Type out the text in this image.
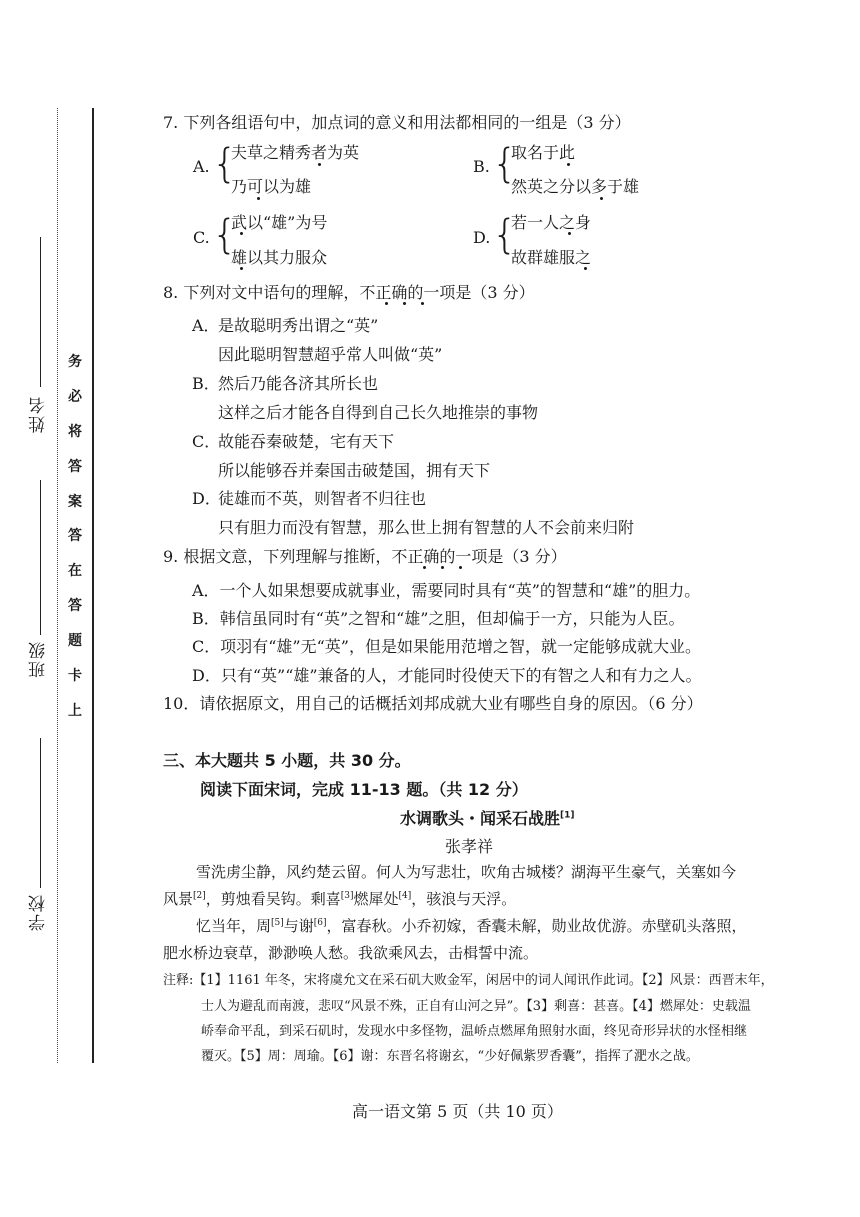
姓名
班级
学校
务
必
将
答
案
答
在
答
题
卡
上
7. 下列各组语句中，加点词的意义和用法都相同的一组是（3 分）
A. {
夫草之精秀者为英
乃可以为雄
B. {
取名于此
然英之分以多于雄
C. {
武以“雄”为号
雄以其力服众
D. {
若一人之身
故群雄服之
8. 下列对文中语句的理解，不正确的一项是（3 分）
A．
是故聪明秀出谓之“英”
因此聪明智慧超乎常人叫做“英”
B．
然后乃能各济其所长也
这样之后才能各自得到自己长久地推崇的事物
C．
故能吞秦破楚，宅有天下
所以能够吞并秦国击破楚国，拥有天下
D．
徒雄而不英，则智者不归往也
只有胆力而没有智慧，那么世上拥有智慧的人不会前来归附
9. 根据文意，下列理解与推断，不正确的一项是（3 分）
A．一个人如果想要成就事业，需要同时具有“英”的智慧和“雄”的胆力。
B．韩信虽同时有“英”之智和“雄”之胆，但却偏于一方，只能为人臣。
C．项羽有“雄”无“英”，但是如果能用范增之智，就一定能够成就大业。
D．只有“英”“雄”兼备的人，才能同时役使天下的有智之人和有力之人。
10．请依据原文，用自己的话概括刘邦成就大业有哪些自身的原因。（6 分）
三、本大题共 5 小题，共 30 分。
阅读下面宋词，完成 11-13 题。（共 12 分）
水调歌头・闻采石战胜[1]
张孝祥
雪洗虏尘静，风约楚云留。何人为写悲壮，吹角古城楼？湖海平生豪气，关塞如今
风景[2]，剪烛看吴钩。剩喜[3]燃犀处[4]，骇浪与天浮。
忆当年，周[5]与谢[6]，富春秋。小乔初嫁，香囊未解，勋业故优游。赤壁矶头落照，
肥水桥边衰草，渺渺唤人愁。我欲乘风去，击楫誓中流。
注释:【1】1161 年冬，宋将虞允文在采石矶大败金军，闲居中的词人闻讯作此词。【2】风景：西晋末年，
士人为避乱而南渡，悲叹“风景不殊，正自有山河之异”。【3】剩喜：甚喜。【4】燃犀处：史载温
峤奉命平乱，到采石矶时，发现水中多怪物，温峤点燃犀角照射水面，终见奇形异状的水怪相继
覆灭。【5】周：周瑜。【6】谢：东晋名将谢玄，“少好佩紫罗香囊”，指挥了淝水之战。
高一语文第 5 页（共 10 页）
